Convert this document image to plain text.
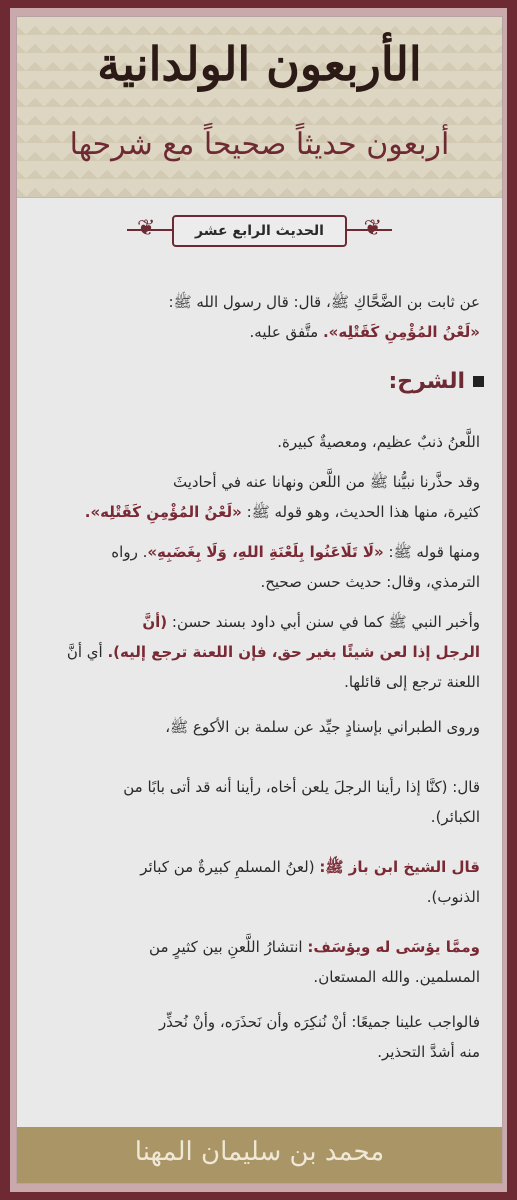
الأربعون الولدانية
أربعون حديثاً صحيحاً مع شرحها
❦
❦	الحديث الرابع عشر
عن ثابت بن الضَّحَّاكِ ﷺ، قال: قال رسول الله ﷺ:
«لَعْنُ المُؤْمِنِ كَقَتْلِه». متَّفق عليه.
الشرح:
اللَّعنُ ذنبٌ عظيم، ومعصيةٌ كبيرة.
وقد حذَّرنا نبيُّنا ﷺ من اللَّعن ونهانا عنه في أحاديثَ
كثيرة، منها هذا الحديث، وهو قوله ﷺ: «لَعْنُ المُؤْمِنِ كَقَتْلِه».
ومنها قوله ﷺ: «لَا تَلَاعَنُوا بِلَعْنَةِ اللهِ، وَلَا بِغَضَبِهِ». رواه
الترمذي، وقال: حديث حسن صحيح.
وأخبر النبي ﷺ كما في سنن أبي داود بسند حسن: (أنَّ
الرجل إذا لعن شيئًا بغير حق، فإن اللعنة ترجع إليه). أي أنَّ
اللعنة ترجع إلى قائلها.
وروى الطبراني بإسنادٍ جيِّد عن سلمة بن الأكوع ﷺ،
قال: (كنَّا إذا رأينا الرجلَ يلعن أخاه، رأينا أنه قد أتى بابًا من
الكبائر).
قال الشيخ ابن باز ﷺ: (لعنُ المسلمِ كبيرةٌ من كبائر
الذنوب).
وممَّا يؤسَى له ويؤسَف: انتشارُ اللَّعنِ بين كثيرٍ من
المسلمين. والله المستعان.
فالواجب علينا جميعًا: أنْ نُنكِرَه وأن نَحذَرَه، وأنْ نُحذِّر
منه أشدَّ التحذير.
محمد بن سليمان المهنا
